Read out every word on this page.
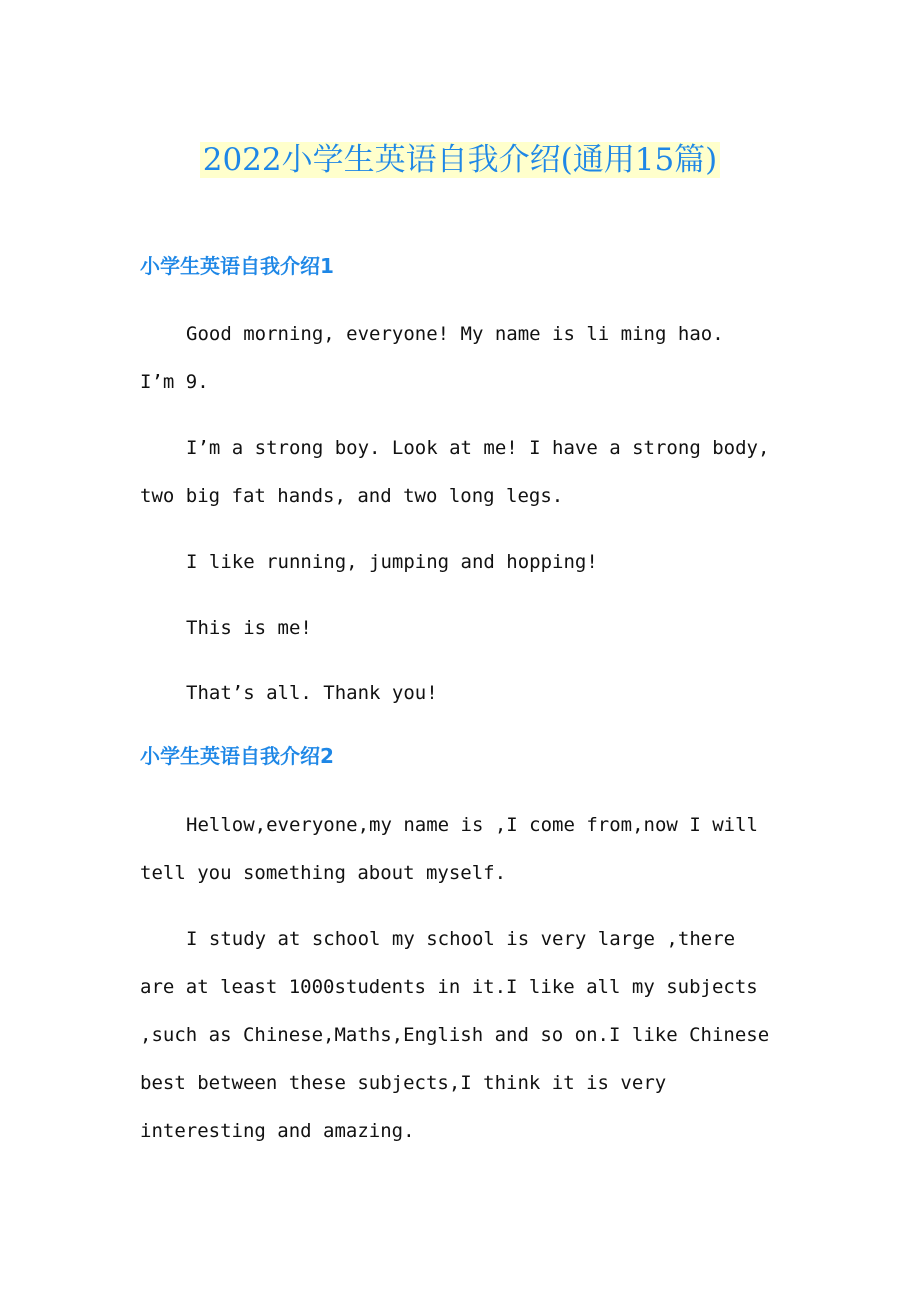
2022小学生英语自我介绍(通用15篇)
小学生英语自我介绍1

Good morning, everyone! My name is li ming hao.
I’m 9.

I’m a strong boy. Look at me! I have a strong body,
two big fat hands, and two long legs.

I like running, jumping and hopping!

This is me!

That’s all. Thank you!

小学生英语自我介绍2

Hellow,everyone,my name is ,I come from,now I will
tell you something about myself.

I study at school my school is very large ,there
are at least 1000students in it.I like all my subjects
,such as Chinese,Maths,English and so on.I like Chinese
best between these subjects,I think it is very
interesting and amazing.
